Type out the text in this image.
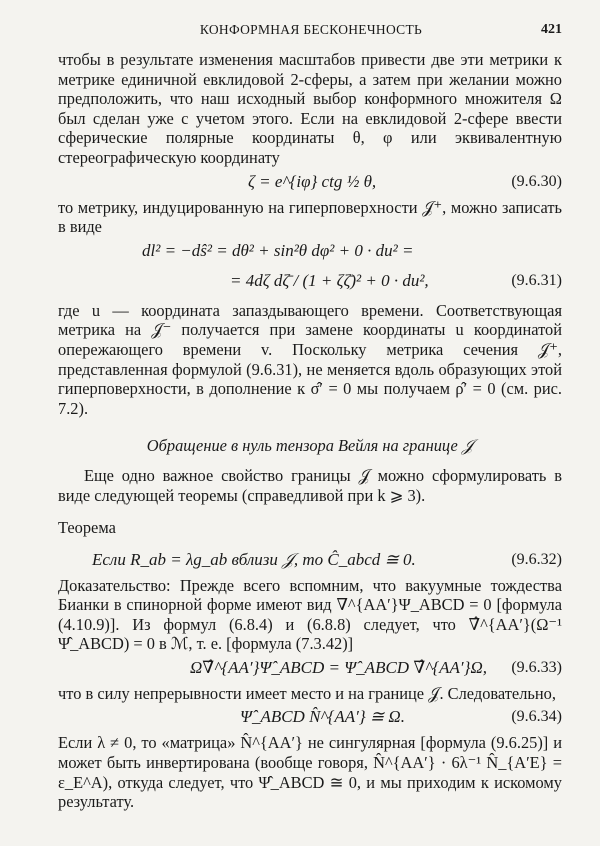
КОНФОРМНАЯ БЕСКОНЕЧНОСТЬ	421

чтобы в результате изменения масштабов привести две эти метрики к метрике единичной евклидовой 2-сферы, а затем при желании можно предположить, что наш исходный выбор конформного множителя Ω был сделан уже с учетом этого. Если на евклидовой 2-сфере ввести сферические полярные координаты θ, φ или эквивалентную стереографическую координату

ζ = e^{iφ} ctg ½ θ,	(9.6.30)

то метрику, индуцированную на гиперповерхности 𝒥⁺, можно записать в виде

dl² = −dŝ² = dθ² + sin²θ dφ² + 0 · du² =
= 4dζ dζ̄ / (1 + ζζ̄)² + 0 · du²,	(9.6.31)

где u — координата запаздывающего времени. Соответствующая метрика на 𝒥⁻ получается при замене координаты u координатой опережающего времени v. Поскольку метрика сечения 𝒥⁺, представленная формулой (9.6.31), не меняется вдоль образующих этой гиперповерхности, в дополнение к σ̂′ = 0 мы получаем ρ̂′ = 0 (см. рис. 7.2).

Обращение в нуль тензора Вейля на границе 𝒥

Еще одно важное свойство границы 𝒥 можно сформулировать в виде следующей теоремы (справедливой при k ⩾ 3).

Теорема
Если R_ab = λg_ab вблизи 𝒥, то Ĉ_abcd ≅ 0.	(9.6.32)

Доказательство: Прежде всего вспомним, что вакуумные тождества Бианки в спинорной форме имеют вид ∇^{AA′}Ψ_ABCD = 0 [формула (4.10.9)]. Из формул (6.8.4) и (6.8.8) следует, что ∇̂^{AA′}(Ω⁻¹ Ψ̂_ABCD) = 0 в ℳ, т. е. [формула (7.3.42)]

Ω∇̂^{AA′}Ψ̂_ABCD = Ψ̂_ABCD ∇̂^{AA′}Ω, (9.6.33)

что в силу непрерывности имеет место и на границе 𝒥. Следовательно,

Ψ̂_ABCD N̂^{AA′} ≅ Ω.	(9.6.34)

Если λ ≠ 0, то «матрица» N̂^{AA′} не сингулярная [формула (9.6.25)] и может быть инвертирована (вообще говоря, N̂^{AA′} · 6λ⁻¹ N̂_{A′E} = ε_E^A), откуда следует, что Ψ̂_ABCD ≅ 0, и мы приходим к искомому результату.
